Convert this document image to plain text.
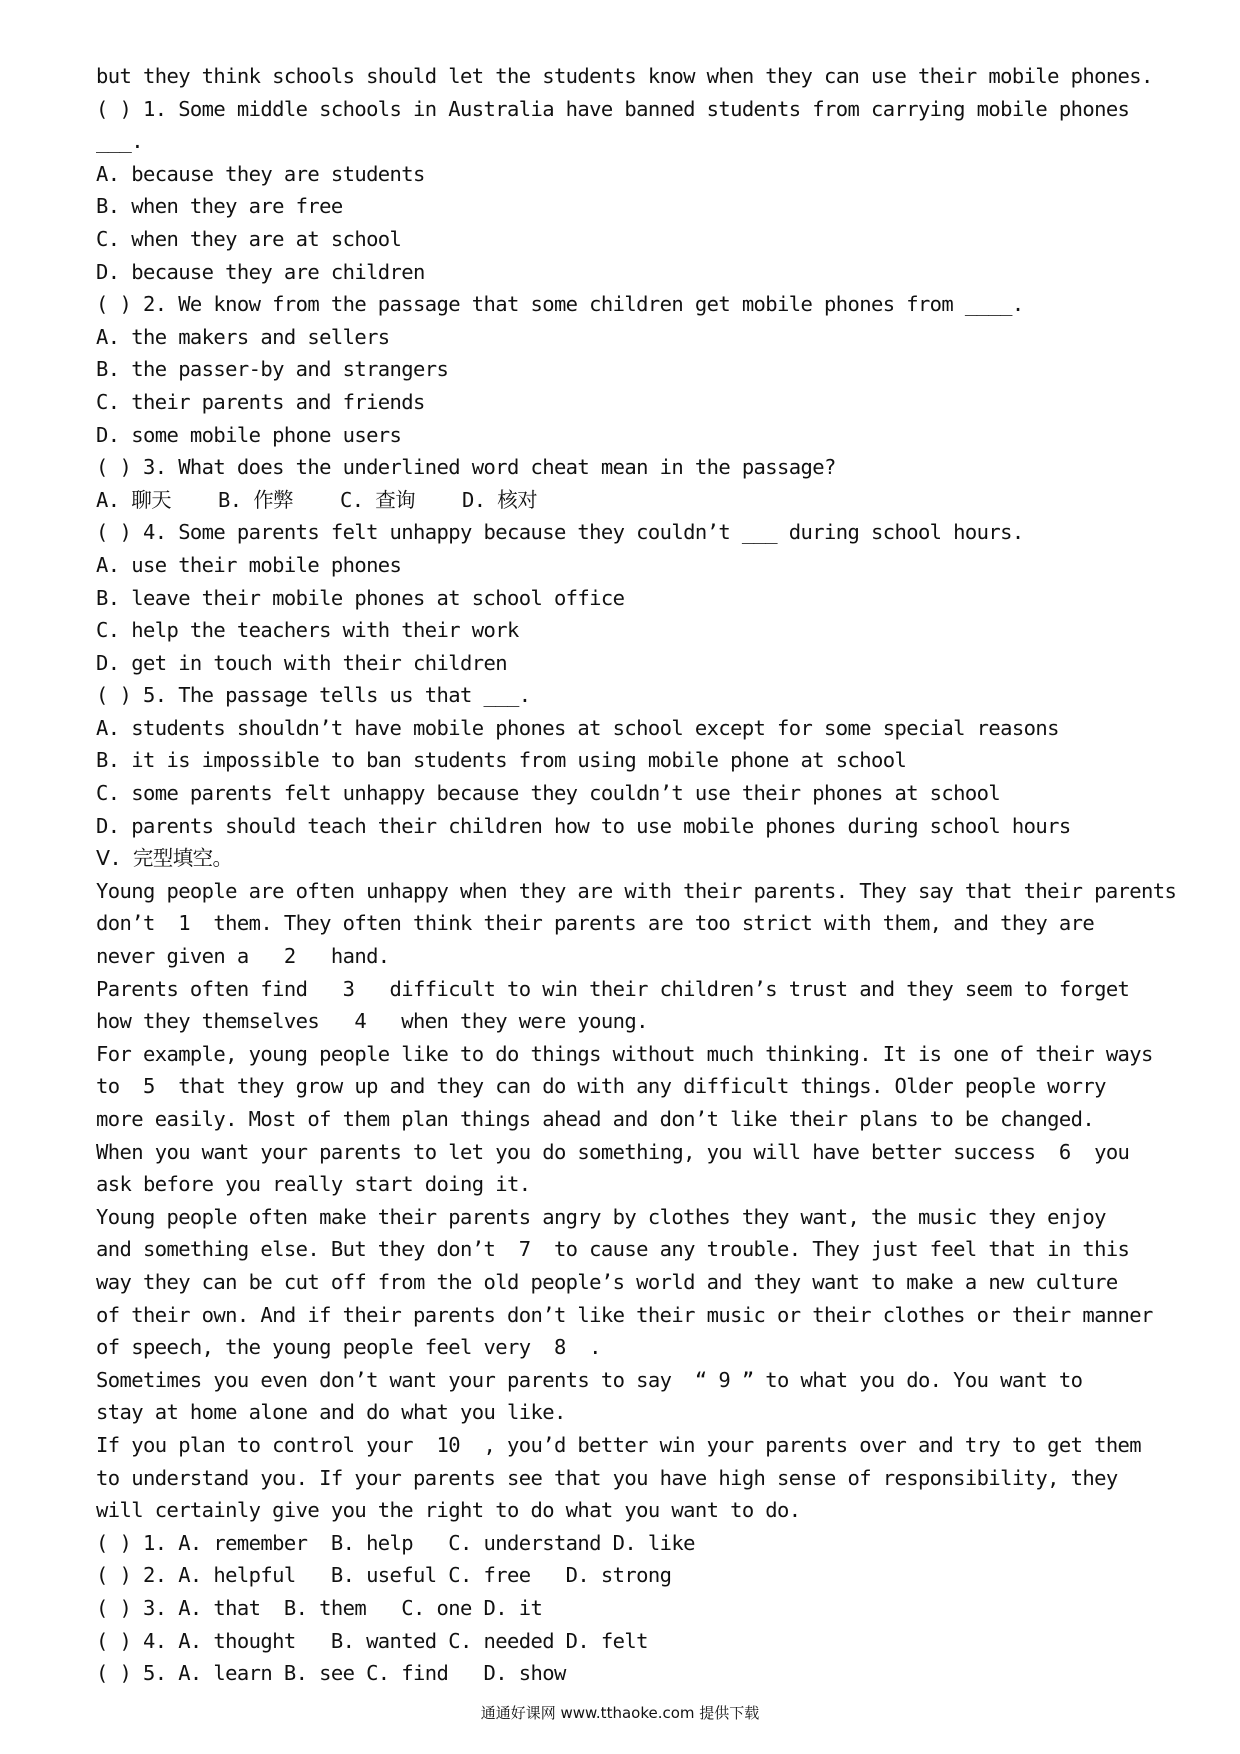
but they think schools should let the students know when they can use their mobile phones.
( ) 1. Some middle schools in Australia have banned students from carrying mobile phones
___.
A. because they are students
B. when they are free
C. when they are at school
D. because they are children
( ) 2. We know from the passage that some children get mobile phones from ____.
A. the makers and sellers
B. the passer-by and strangers
C. their parents and friends
D. some mobile phone users
( ) 3. What does the underlined word cheat mean in the passage?
A. 聊天    B. 作弊    C. 查询    D. 核对
( ) 4. Some parents felt unhappy because they couldn’t ___ during school hours.
A. use their mobile phones
B. leave their mobile phones at school office
C. help the teachers with their work
D. get in touch with their children
( ) 5. The passage tells us that ___.
A. students shouldn’t have mobile phones at school except for some special reasons
B. it is impossible to ban students from using mobile phone at school
C. some parents felt unhappy because they couldn’t use their phones at school
D. parents should teach their children how to use mobile phones during school hours
Ⅴ. 完型填空。
Young people are often unhappy when they are with their parents. They say that their parents
don’t  1  them. They often think their parents are too strict with them, and they are
never given a   2   hand.
Parents often find   3   difficult to win their children’s trust and they seem to forget
how they themselves   4   when they were young.
For example, young people like to do things without much thinking. It is one of their ways
to  5  that they grow up and they can do with any difficult things. Older people worry
more easily. Most of them plan things ahead and don’t like their plans to be changed.
When you want your parents to let you do something, you will have better success  6  you
ask before you really start doing it.
Young people often make their parents angry by clothes they want, the music they enjoy
and something else. But they don’t  7  to cause any trouble. They just feel that in this
way they can be cut off from the old people’s world and they want to make a new culture
of their own. And if their parents don’t like their music or their clothes or their manner
of speech, the young people feel very  8  .
Sometimes you even don’t want your parents to say  “ 9 ” to what you do. You want to
stay at home alone and do what you like.
If you plan to control your  10  , you’d better win your parents over and try to get them
to understand you. If your parents see that you have high sense of responsibility, they
will certainly give you the right to do what you want to do.
( ) 1. A. remember  B. help   C. understand D. like
( ) 2. A. helpful   B. useful C. free   D. strong
( ) 3. A. that  B. them   C. one D. it
( ) 4. A. thought   B. wanted C. needed D. felt
( ) 5. A. learn B. see C. find   D. show
通通好课网 www.tthaoke.com 提供下载
